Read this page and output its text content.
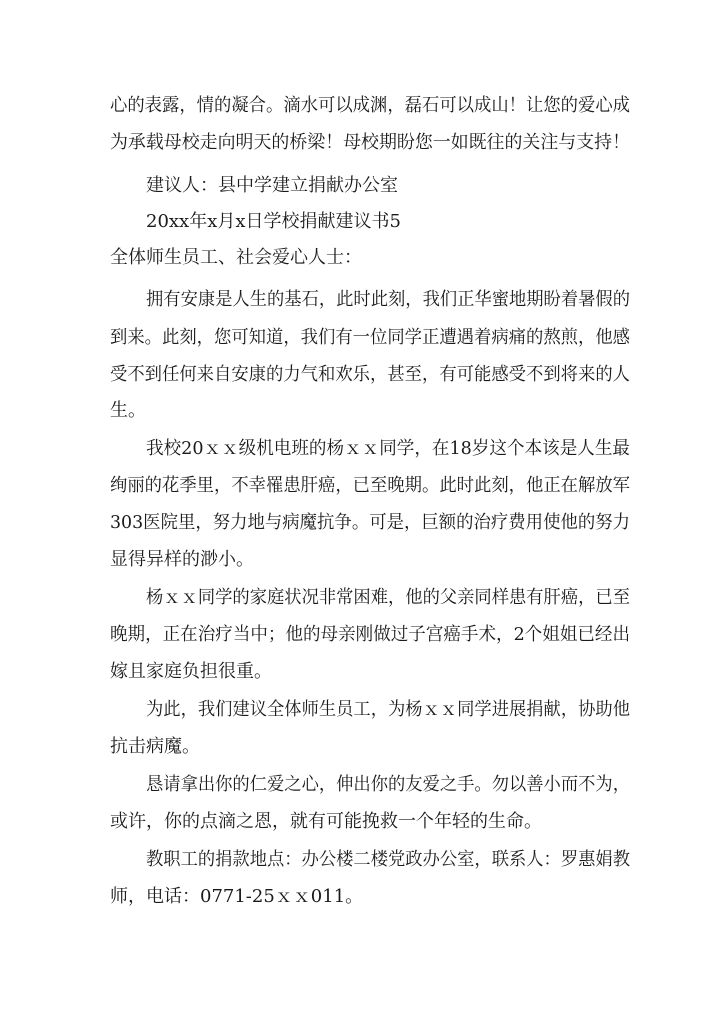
心的表露，情的凝合。滴水可以成渊，磊石可以成山！让您的爱心成
为承载母校走向明天的桥梁！母校期盼您一如既往的关注与支持！
建议人：县中学建立捐献办公室
20xx年x月x日学校捐献建议书5
全体师生员工、社会爱心人士：
拥有安康是人生的基石，此时此刻，我们正华蜜地期盼着暑假的
到来。此刻，您可知道，我们有一位同学正遭遇着病痛的熬煎，他感
受不到任何来自安康的力气和欢乐，甚至，有可能感受不到将来的人
生。
我校20ｘｘ级机电班的杨ｘｘ同学，在18岁这个本该是人生最
绚丽的花季里，不幸罹患肝癌，已至晚期。此时此刻，他正在解放军
303医院里，努力地与病魔抗争。可是，巨额的治疗费用使他的努力
显得异样的渺小。
杨ｘｘ同学的家庭状况非常困难，他的父亲同样患有肝癌，已至
晚期，正在治疗当中；他的母亲刚做过子宫癌手术，2个姐姐已经出
嫁且家庭负担很重。
为此，我们建议全体师生员工，为杨ｘｘ同学进展捐献，协助他
抗击病魔。
恳请拿出你的仁爱之心，伸出你的友爱之手。勿以善小而不为，
或许，你的点滴之恩，就有可能挽救一个年轻的生命。
教职工的捐款地点：办公楼二楼党政办公室，联系人：罗惠娟教
师，电话：0771-25ｘｘ011。
